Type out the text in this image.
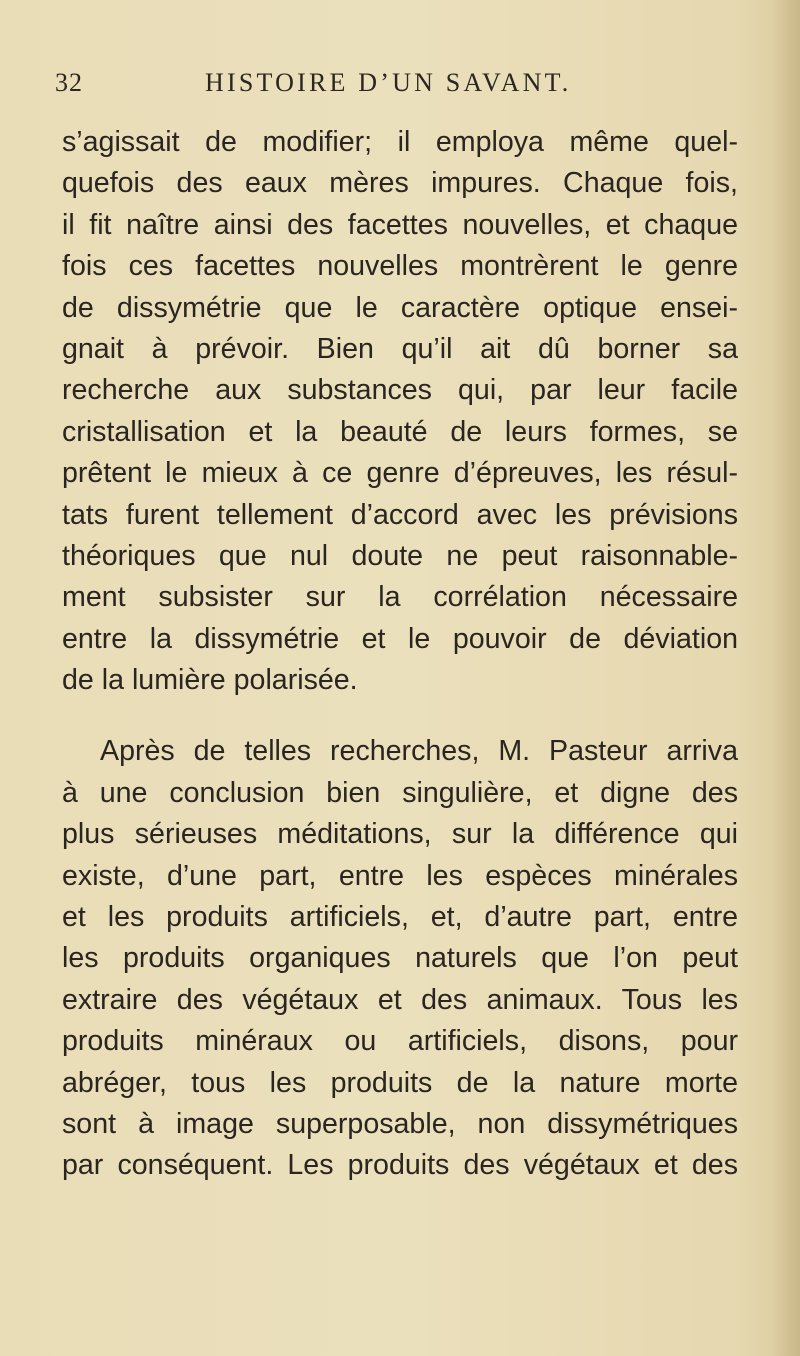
32	HISTOIRE D’UN SAVANT.
s’agissait de modifier; il employa même quel-
quefois des eaux mères impures. Chaque fois,
il fit naître ainsi des facettes nouvelles, et chaque
fois ces facettes nouvelles montrèrent le genre
de dissymétrie que le caractère optique ensei-
gnait à prévoir. Bien qu’il ait dû borner sa
recherche aux substances qui, par leur facile
cristallisation et la beauté de leurs formes, se
prêtent le mieux à ce genre d’épreuves, les résul-
tats furent tellement d’accord avec les prévisions
théoriques que nul doute ne peut raisonnable-
ment subsister sur la corrélation nécessaire
entre la dissymétrie et le pouvoir de déviation
de la lumière polarisée.
Après de telles recherches, M. Pasteur arriva
à une conclusion bien singulière, et digne des
plus sérieuses méditations, sur la différence qui
existe, d’une part, entre les espèces minérales
et les produits artificiels, et, d’autre part, entre
les produits organiques naturels que l’on peut
extraire des végétaux et des animaux. Tous les
produits minéraux ou artificiels, disons, pour
abréger, tous les produits de la nature morte
sont à image superposable, non dissymétriques
par conséquent. Les produits des végétaux et des
